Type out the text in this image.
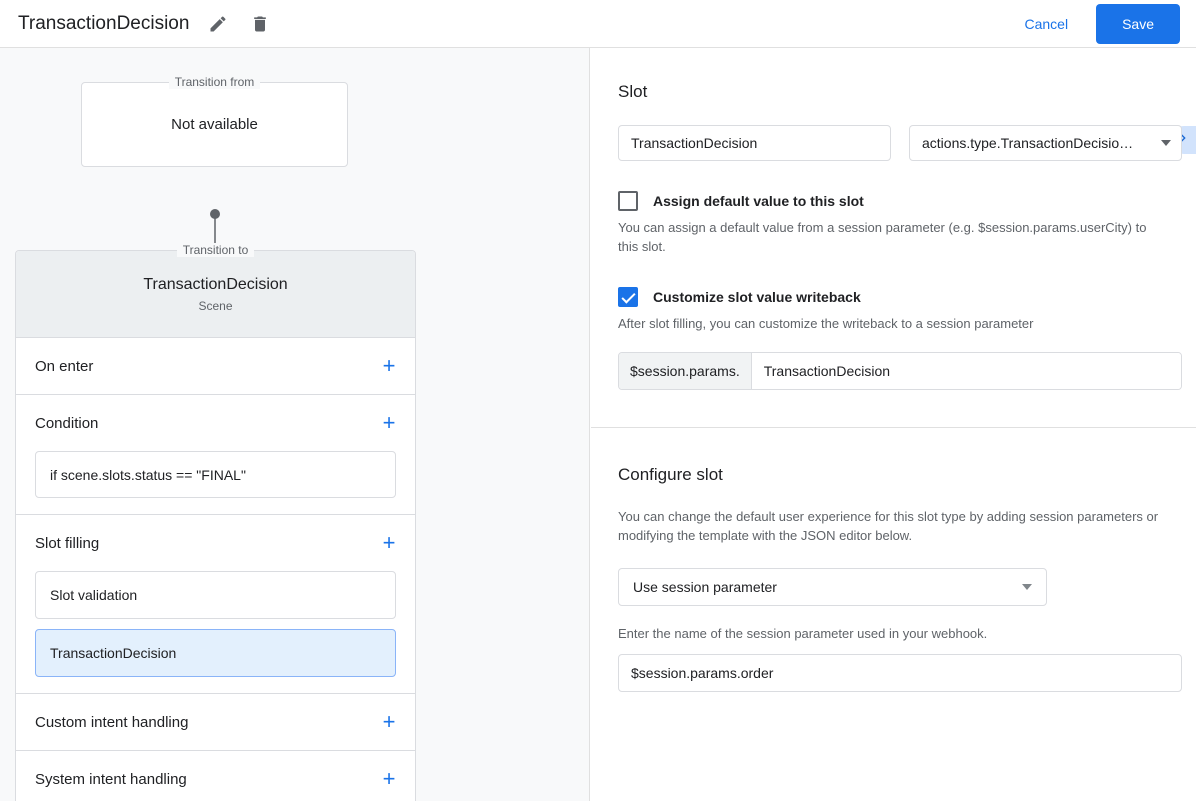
TransactionDecision	Cancel	Save
Transition from
Not available
Transition to
TransactionDecision
Scene
On enter	+
Condition	+
if scene.slots.status == "FINAL"
Slot filling	+
Slot validation
TransactionDecision
Custom intent handling	+
System intent handling	+
Slot
TransactionDecision
actions.type.TransactionDecisio…
Assign default value to this slot
You can assign a default value from a session parameter (e.g. $session.params.userCity) to this slot.
Customize slot value writeback
After slot filling, you can customize the writeback to a session parameter
$session.params.	TransactionDecision
Configure slot
You can change the default user experience for this slot type by adding session parameters or modifying the template with the JSON editor below.
Use session parameter
Enter the name of the session parameter used in your webhook.
$session.params.order
